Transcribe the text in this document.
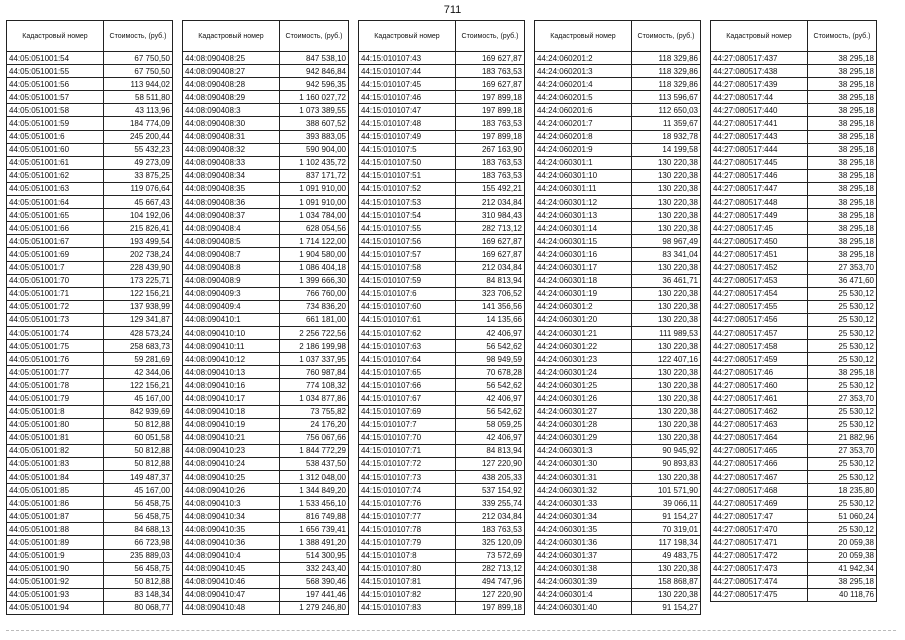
711
Кадастровый номер	Стоимость, (руб.)
44:05:051001:54	67 750,50
44:05:051001:55	67 750,50
44:05:051001:56	113 944,02
44:05:051001:57	58 511,80
44:05:051001:58	43 113,96
44:05:051001:59	184 774,09
44:05:051001:6	245 200,44
44:05:051001:60	55 432,23
44:05:051001:61	49 273,09
44:05:051001:62	33 875,25
44:05:051001:63	119 076,64
44:05:051001:64	45 667,43
44:05:051001:65	104 192,06
44:05:051001:66	215 826,41
44:05:051001:67	193 499,54
44:05:051001:69	202 738,24
44:05:051001:7	228 439,90
44:05:051001:70	173 225,71
44:05:051001:71	122 156,21
44:05:051001:72	137 938,99
44:05:051001:73	129 341,87
44:05:051001:74	428 573,24
44:05:051001:75	258 683,73
44:05:051001:76	59 281,69
44:05:051001:77	42 344,06
44:05:051001:78	122 156,21
44:05:051001:79	45 167,00
44:05:051001:8	842 939,69
44:05:051001:80	50 812,88
44:05:051001:81	60 051,58
44:05:051001:82	50 812,88
44:05:051001:83	50 812,88
44:05:051001:84	149 487,37
44:05:051001:85	45 167,00
44:05:051001:86	56 458,75
44:05:051001:87	56 458,75
44:05:051001:88	84 688,13
44:05:051001:89	66 723,98
44:05:051001:9	235 889,03
44:05:051001:90	56 458,75
44:05:051001:92	50 812,88
44:05:051001:93	83 148,34
44:05:051001:94	80 068,77
Кадастровый номер	Стоимость, (руб.)
44:08:090408:25	847 538,10
44:08:090408:27	942 846,84
44:08:090408:28	942 596,35
44:08:090408:29	1 160 027,72
44:08:090408:3	1 073 389,55
44:08:090408:30	388 607,52
44:08:090408:31	393 883,05
44:08:090408:32	590 904,00
44:08:090408:33	1 102 435,72
44:08:090408:34	837 171,72
44:08:090408:35	1 091 910,00
44:08:090408:36	1 091 910,00
44:08:090408:37	1 034 784,00
44:08:090408:4	628 054,56
44:08:090408:5	1 714 122,00
44:08:090408:7	1 904 580,00
44:08:090408:8	1 086 404,18
44:08:090408:9	1 399 666,30
44:08:090409:3	766 760,00
44:08:090409:4	734 836,20
44:08:090410:1	661 181,00
44:08:090410:10	2 256 722,56
44:08:090410:11	2 186 199,98
44:08:090410:12	1 037 337,95
44:08:090410:13	760 987,84
44:08:090410:16	774 108,32
44:08:090410:17	1 034 877,86
44:08:090410:18	73 755,82
44:08:090410:19	24 176,20
44:08:090410:21	756 067,66
44:08:090410:23	1 844 772,29
44:08:090410:24	538 437,50
44:08:090410:25	1 312 048,00
44:08:090410:26	1 344 849,20
44:08:090410:3	1 533 456,10
44:08:090410:34	816 749,88
44:08:090410:35	1 656 739,41
44:08:090410:36	1 388 491,20
44:08:090410:4	514 300,95
44:08:090410:45	332 243,40
44:08:090410:46	568 390,46
44:08:090410:47	197 441,46
44:08:090410:48	1 279 246,80
Кадастровый номер	Стоимость, (руб.)
44:15:010107:43	169 627,87
44:15:010107:44	183 763,53
44:15:010107:45	169 627,87
44:15:010107:46	197 899,18
44:15:010107:47	197 899,18
44:15:010107:48	183 763,53
44:15:010107:49	197 899,18
44:15:010107:5	267 163,90
44:15:010107:50	183 763,53
44:15:010107:51	183 763,53
44:15:010107:52	155 492,21
44:15:010107:53	212 034,84
44:15:010107:54	310 984,43
44:15:010107:55	282 713,12
44:15:010107:56	169 627,87
44:15:010107:57	169 627,87
44:15:010107:58	212 034,84
44:15:010107:59	84 813,94
44:15:010107:6	323 706,52
44:15:010107:60	141 356,56
44:15:010107:61	14 135,66
44:15:010107:62	42 406,97
44:15:010107:63	56 542,62
44:15:010107:64	98 949,59
44:15:010107:65	70 678,28
44:15:010107:66	56 542,62
44:15:010107:67	42 406,97
44:15:010107:69	56 542,62
44:15:010107:7	58 059,25
44:15:010107:70	42 406,97
44:15:010107:71	84 813,94
44:15:010107:72	127 220,90
44:15:010107:73	438 205,33
44:15:010107:74	537 154,92
44:15:010107:76	339 255,74
44:15:010107:77	212 034,84
44:15:010107:78	183 763,53
44:15:010107:79	325 120,09
44:15:010107:8	73 572,69
44:15:010107:80	282 713,12
44:15:010107:81	494 747,96
44:15:010107:82	127 220,90
44:15:010107:83	197 899,18
Кадастровый номер	Стоимость, (руб.)
44:24:060201:2	118 329,86
44:24:060201:3	118 329,86
44:24:060201:4	118 329,86
44:24:060201:5	113 596,67
44:24:060201:6	112 650,03
44:24:060201:7	11 359,67
44:24:060201:8	18 932,78
44:24:060201:9	14 199,58
44:24:060301:1	130 220,38
44:24:060301:10	130 220,38
44:24:060301:11	130 220,38
44:24:060301:12	130 220,38
44:24:060301:13	130 220,38
44:24:060301:14	130 220,38
44:24:060301:15	98 967,49
44:24:060301:16	83 341,04
44:24:060301:17	130 220,38
44:24:060301:18	36 461,71
44:24:060301:19	130 220,38
44:24:060301:2	130 220,38
44:24:060301:20	130 220,38
44:24:060301:21	111 989,53
44:24:060301:22	130 220,38
44:24:060301:23	122 407,16
44:24:060301:24	130 220,38
44:24:060301:25	130 220,38
44:24:060301:26	130 220,38
44:24:060301:27	130 220,38
44:24:060301:28	130 220,38
44:24:060301:29	130 220,38
44:24:060301:3	90 945,92
44:24:060301:30	90 893,83
44:24:060301:31	130 220,38
44:24:060301:32	101 571,90
44:24:060301:33	39 066,11
44:24:060301:34	91 154,27
44:24:060301:35	70 319,01
44:24:060301:36	117 198,34
44:24:060301:37	49 483,75
44:24:060301:38	130 220,38
44:24:060301:39	158 868,87
44:24:060301:4	130 220,38
44:24:060301:40	91 154,27
Кадастровый номер	Стоимость, (руб.)
44:27:080517:437	38 295,18
44:27:080517:438	38 295,18
44:27:080517:439	38 295,18
44:27:080517:44	38 295,18
44:27:080517:440	38 295,18
44:27:080517:441	38 295,18
44:27:080517:443	38 295,18
44:27:080517:444	38 295,18
44:27:080517:445	38 295,18
44:27:080517:446	38 295,18
44:27:080517:447	38 295,18
44:27:080517:448	38 295,18
44:27:080517:449	38 295,18
44:27:080517:45	38 295,18
44:27:080517:450	38 295,18
44:27:080517:451	38 295,18
44:27:080517:452	27 353,70
44:27:080517:453	36 471,60
44:27:080517:454	25 530,12
44:27:080517:455	25 530,12
44:27:080517:456	25 530,12
44:27:080517:457	25 530,12
44:27:080517:458	25 530,12
44:27:080517:459	25 530,12
44:27:080517:46	38 295,18
44:27:080517:460	25 530,12
44:27:080517:461	27 353,70
44:27:080517:462	25 530,12
44:27:080517:463	25 530,12
44:27:080517:464	21 882,96
44:27:080517:465	27 353,70
44:27:080517:466	25 530,12
44:27:080517:467	25 530,12
44:27:080517:468	18 235,80
44:27:080517:469	25 530,12
44:27:080517:47	51 060,24
44:27:080517:470	25 530,12
44:27:080517:471	20 059,38
44:27:080517:472	20 059,38
44:27:080517:473	41 942,34
44:27:080517:474	38 295,18
44:27:080517:475	40 118,76
